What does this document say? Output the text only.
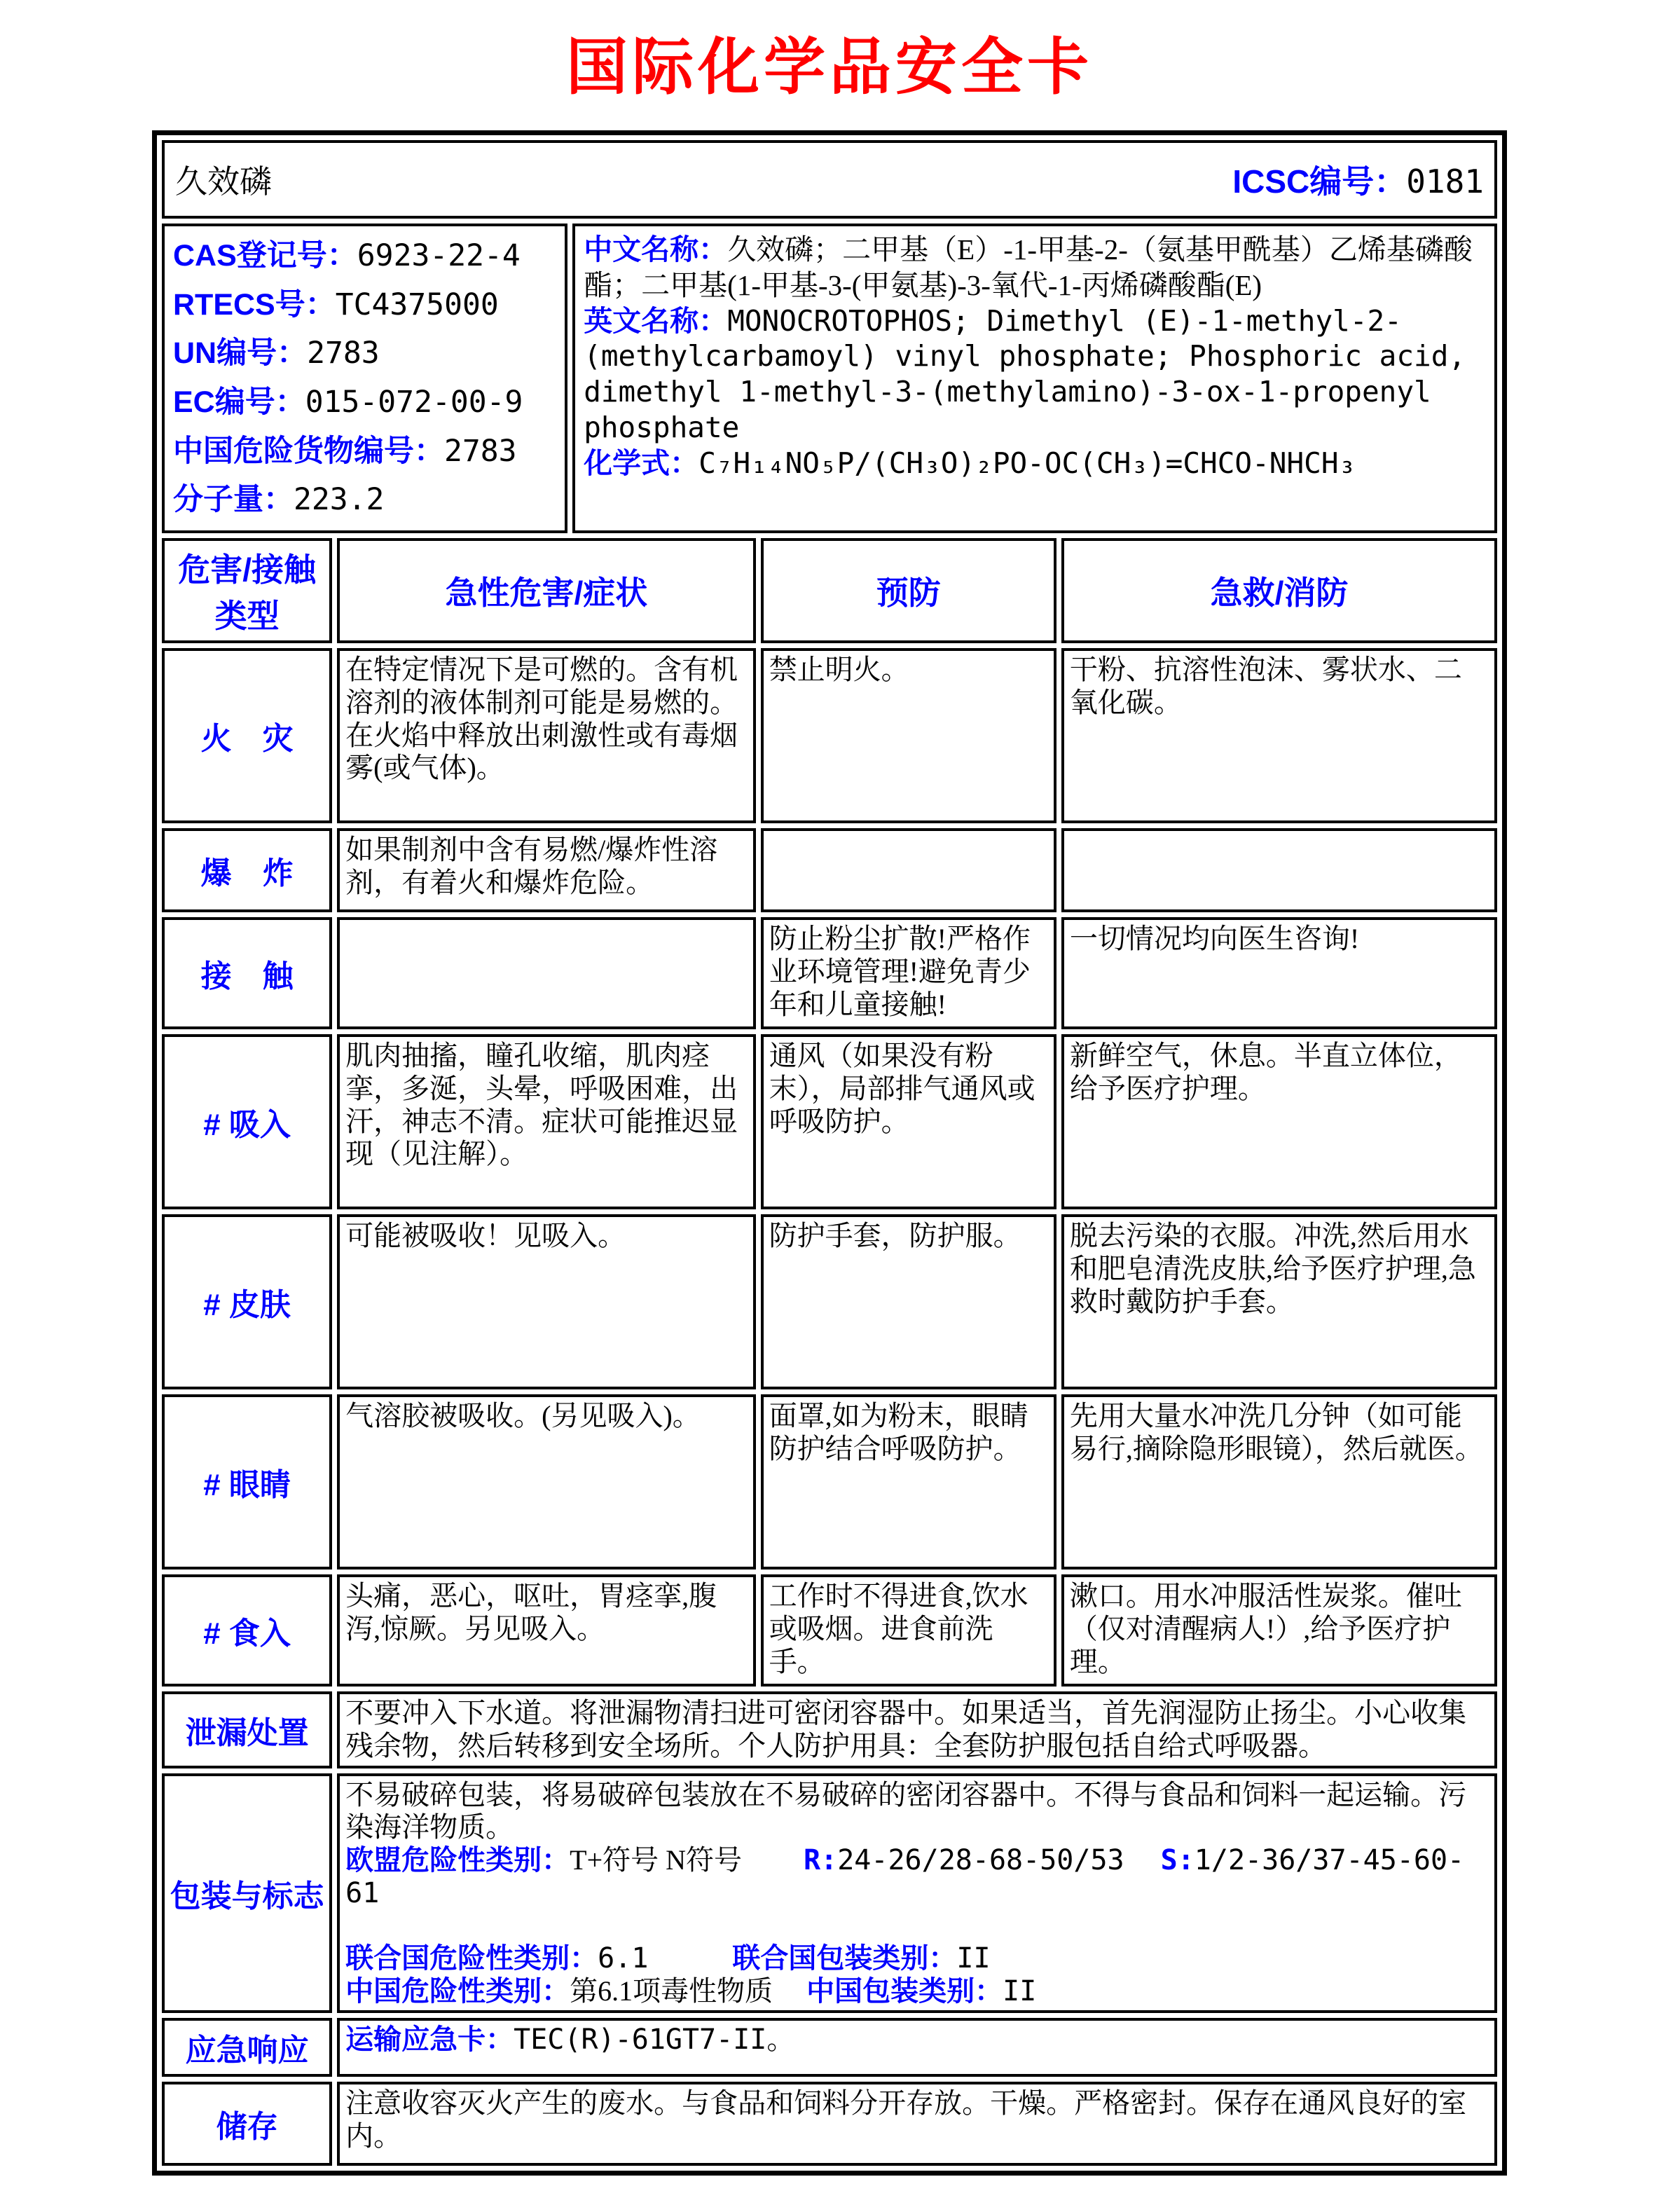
国际化学品安全卡
久效磷	ICSC编号：0181

CAS登记号：6923-22-4
RTECS号：TC4375000
UN编号：2783
EC编号：015-072-00-9
中国危险货物编号：2783
分子量：223.2

中文名称：久效磷；二甲基（E）-1-甲基-2-（氨基甲酰基）乙烯基磷酸酯；二甲基(1-甲基-3-(甲氨基)-3-氧代-1-丙烯磷酸酯(E)

英文名称：MONOCROTOPHOS; Dimethyl (E)-1-methyl-2-(methylcarbamoyl) vinyl phosphate; Phosphoric acid, dimethyl 1-methyl-3-(methylamino)-3-ox-1-propenyl phosphate

化学式：C₇H₁₄NO₅P/(CH₃O)₂PO-OC(CH₃)=CHCO-NHCH₃

危害/接触类型	急性危害/症状	预防	急救/消防
火　灾	在特定情况下是可燃的。含有机溶剂的液体制剂可能是易燃的。在火焰中释放出刺激性或有毒烟雾(或气体)。	禁止明火。	干粉、抗溶性泡沫、雾状水、二氧化碳。
爆　炸	如果制剂中含有易燃/爆炸性溶剂，有着火和爆炸危险。		
接　触		防止粉尘扩散!严格作业环境管理!避免青少年和儿童接触!	一切情况均向医生咨询!
# 吸入	肌肉抽搐，瞳孔收缩，肌肉痉挛，多涎，头晕，呼吸困难，出汗，神志不清。症状可能推迟显现（见注解）。	通风（如果没有粉末），局部排气通风或呼吸防护。	新鲜空气，休息。半直立体位，给予医疗护理。
# 皮肤	可能被吸收！见吸入。	防护手套，防护服。	脱去污染的衣服。冲洗,然后用水和肥皂清洗皮肤,给予医疗护理,急救时戴防护手套。
# 眼睛	气溶胶被吸收。(另见吸入)。	面罩,如为粉末，眼睛防护结合呼吸防护。	先用大量水冲洗几分钟（如可能易行,摘除隐形眼镜），然后就医。
# 食入	头痛，恶心，呕吐，胃痉挛,腹泻,惊厥。另见吸入。	工作时不得进食,饮水或吸烟。进食前洗手。	漱口。用水冲服活性炭浆。催吐（仅对清醒病人!）,给予医疗护理。
泄漏处置	不要冲入下水道。将泄漏物清扫进可密闭容器中。如果适当，首先润湿防止扬尘。小心收集残余物，然后转移到安全场所。个人防护用具：全套防护服包括自给式呼吸器。		
包装与标志	不易破碎包装，将易破碎包装放在不易破碎的密闭容器中。不得与食品和饲料一起运输。污染海洋物质。

欧盟危险性类别：T+符号 N符号 R:24-26/28-68-50/53 S:1/2-36/37-45-60-61

联合国危险性类别：6.1 联合国包装类别：II

中国危险性类别：第6.1项毒性物质 中国包装类别：II		

应急响应	运输应急卡：TEC(R)-61GT7-II。		
储存	注意收容灭火产生的废水。与食品和饲料分开存放。干燥。严格密封。保存在通风良好的室内。		
